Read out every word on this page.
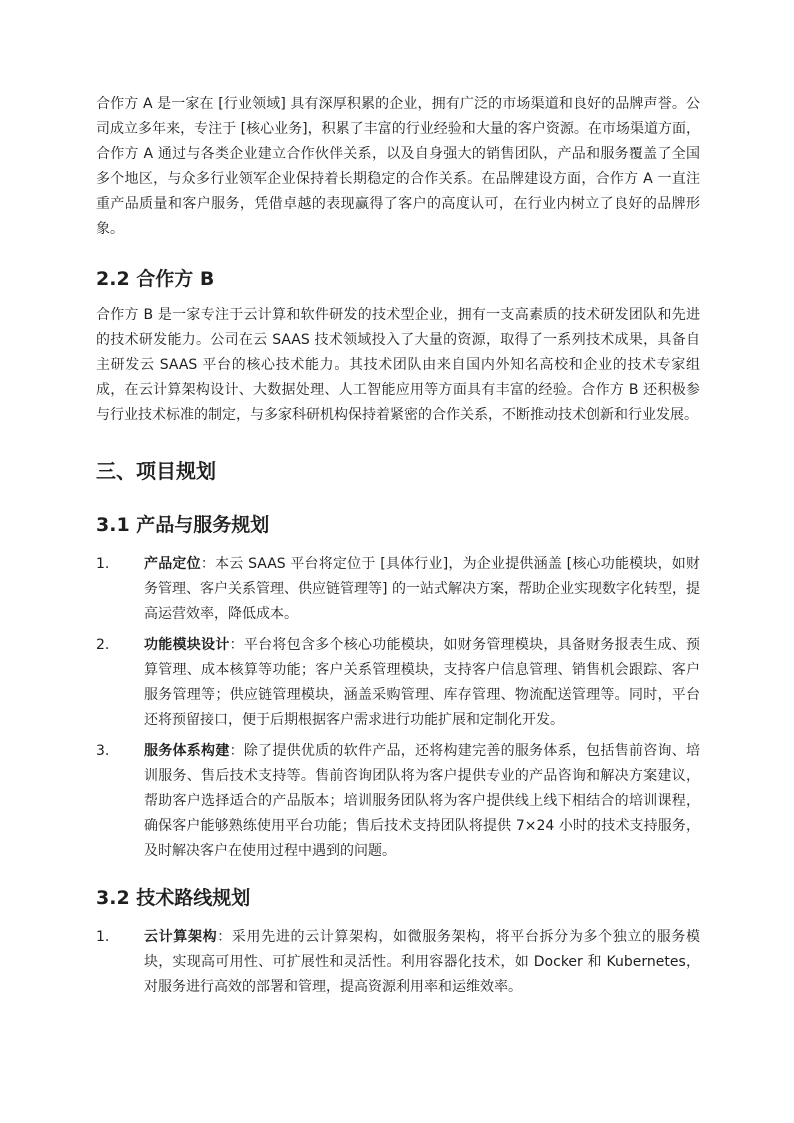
合作方 A 是一家在 [行业领域] 具有深厚积累的企业，拥有广泛的市场渠道和良好的品牌声誉。公司成立多年来，专注于 [核心业务]，积累了丰富的行业经验和大量的客户资源。在市场渠道方面，合作方 A 通过与各类企业建立合作伙伴关系，以及自身强大的销售团队，产品和服务覆盖了全国多个地区，与众多行业领军企业保持着长期稳定的合作关系。在品牌建设方面，合作方 A 一直注重产品质量和客户服务，凭借卓越的表现赢得了客户的高度认可，在行业内树立了良好的品牌形象。

2.2 合作方 B

合作方 B 是一家专注于云计算和软件研发的技术型企业，拥有一支高素质的技术研发团队和先进的技术研发能力。公司在云 SAAS 技术领域投入了大量的资源，取得了一系列技术成果，具备自主研发云 SAAS 平台的核心技术能力。其技术团队由来自国内外知名高校和企业的技术专家组成，在云计算架构设计、大数据处理、人工智能应用等方面具有丰富的经验。合作方 B 还积极参与行业技术标准的制定，与多家科研机构保持着紧密的合作关系，不断推动技术创新和行业发展。

三、项目规划
3.1 产品与服务规划
1. 产品定位：本云 SAAS 平台将定位于 [具体行业]，为企业提供涵盖 [核心功能模块，如财务管理、客户关系管理、供应链管理等] 的一站式解决方案，帮助企业实现数字化转型，提高运营效率，降低成本。

2. 功能模块设计：平台将包含多个核心功能模块，如财务管理模块，具备财务报表生成、预算管理、成本核算等功能；客户关系管理模块，支持客户信息管理、销售机会跟踪、客户服务管理等；供应链管理模块，涵盖采购管理、库存管理、物流配送管理等。同时，平台还将预留接口，便于后期根据客户需求进行功能扩展和定制化开发。

3. 服务体系构建：除了提供优质的软件产品，还将构建完善的服务体系，包括售前咨询、培训服务、售后技术支持等。售前咨询团队将为客户提供专业的产品咨询和解决方案建议，帮助客户选择适合的产品版本；培训服务团队将为客户提供线上线下相结合的培训课程，确保客户能够熟练使用平台功能；售后技术支持团队将提供 7×24 小时的技术支持服务，及时解决客户在使用过程中遇到的问题。

3.2 技术路线规划
1. 云计算架构：采用先进的云计算架构，如微服务架构，将平台拆分为多个独立的服务模块，实现高可用性、可扩展性和灵活性。利用容器化技术，如 Docker 和 Kubernetes，对服务进行高效的部署和管理，提高资源利用率和运维效率。
